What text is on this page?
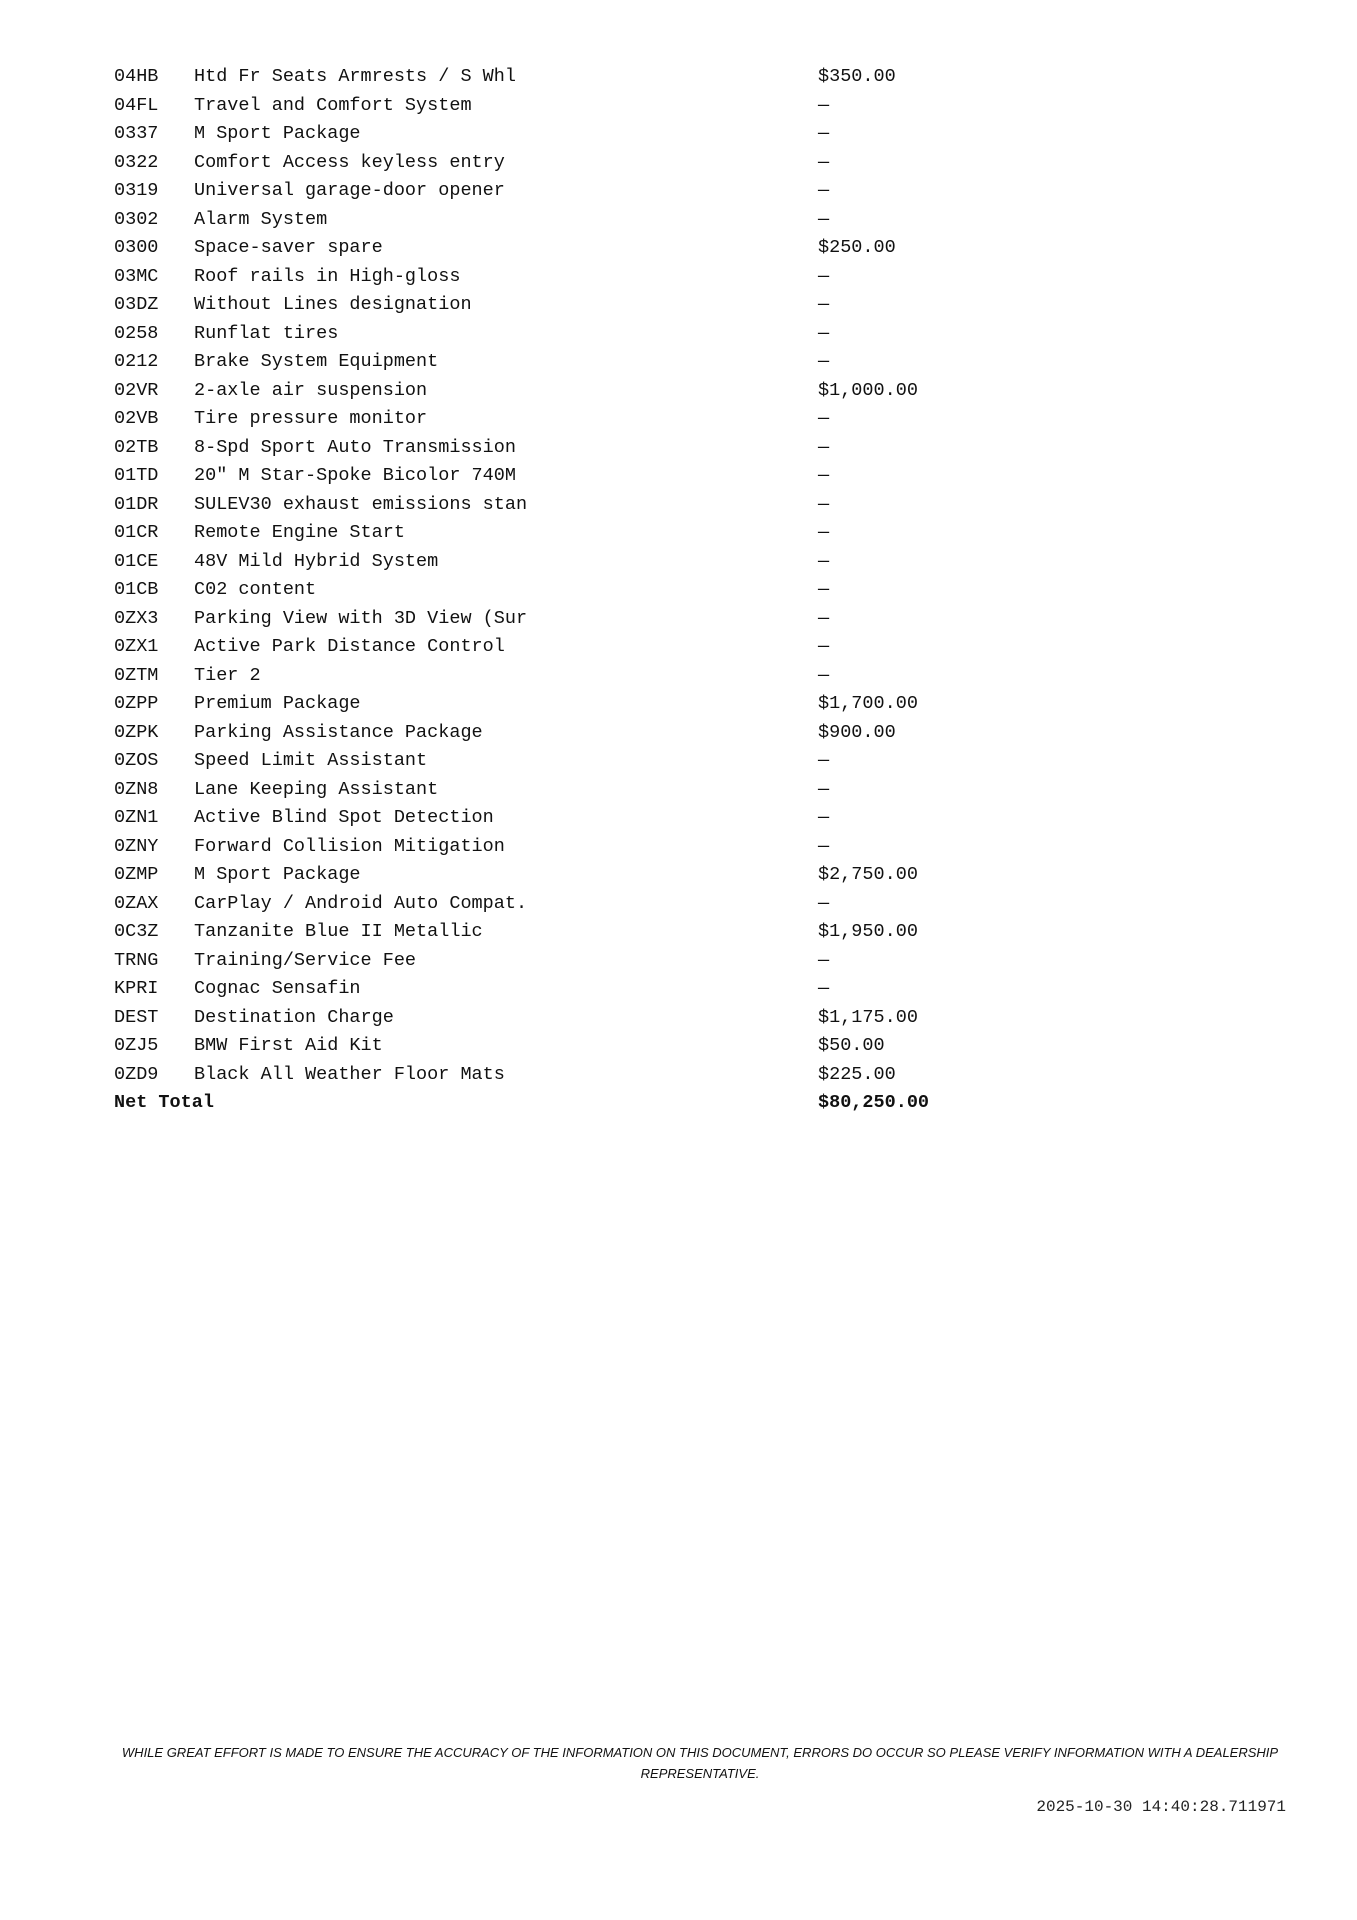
04HB	Htd Fr Seats Armrests / S Whl	$350.00
04FL	Travel and Comfort System	—
0337	M Sport Package	—
0322	Comfort Access keyless entry	—
0319	Universal garage-door opener	—
0302	Alarm System	—
0300	Space-saver spare	$250.00
03MC	Roof rails in High-gloss	—
03DZ	Without Lines designation	—
0258	Runflat tires	—
0212	Brake System Equipment	—
02VR	2-axle air suspension	$1,000.00
02VB	Tire pressure monitor	—
02TB	8-Spd Sport Auto Transmission	—
01TD	20" M Star-Spoke Bicolor 740M	—
01DR	SULEV30 exhaust emissions stan	—
01CR	Remote Engine Start	—
01CE	48V Mild Hybrid System	—
01CB	C02 content	—
0ZX3	Parking View with 3D View (Sur	—
0ZX1	Active Park Distance Control	—
0ZTM	Tier 2	—
0ZPP	Premium Package	$1,700.00
0ZPK	Parking Assistance Package	$900.00
0ZOS	Speed Limit Assistant	—
0ZN8	Lane Keeping Assistant	—
0ZN1	Active Blind Spot Detection	—
0ZNY	Forward Collision Mitigation	—
0ZMP	M Sport Package	$2,750.00
0ZAX	CarPlay / Android Auto Compat.	—
0C3Z	Tanzanite Blue II Metallic	$1,950.00
TRNG	Training/Service Fee	—
KPRI	Cognac Sensafin	—
DEST	Destination Charge	$1,175.00
0ZJ5	BMW First Aid Kit	$50.00
0ZD9	Black All Weather Floor Mats	$225.00
Net Total		$80,250.00
WHILE GREAT EFFORT IS MADE TO ENSURE THE ACCURACY OF THE INFORMATION ON THIS DOCUMENT, ERRORS DO OCCUR SO PLEASE VERIFY INFORMATION WITH A DEALERSHIP REPRESENTATIVE.
2025-10-30 14:40:28.711971
